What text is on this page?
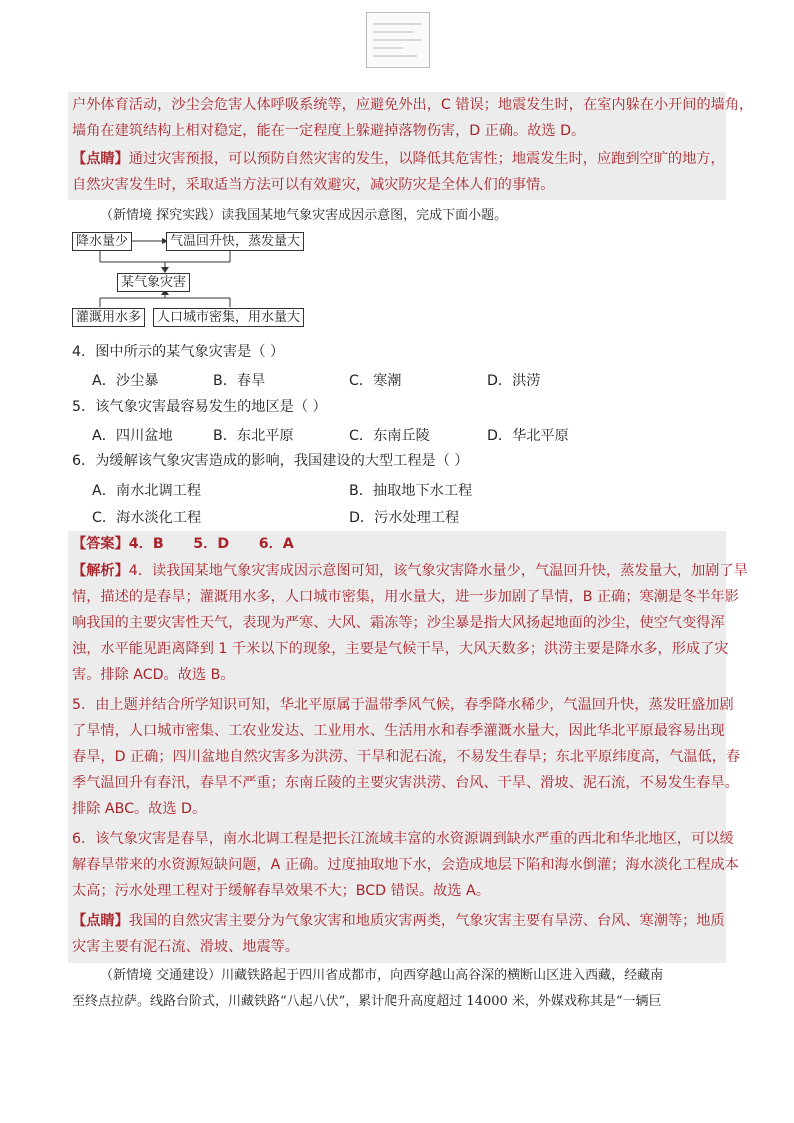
户外体育活动，沙尘会危害人体呼吸系统等，应避免外出，C 错误；地震发生时，在室内躲在小开间的墙角，
墙角在建筑结构上相对稳定，能在一定程度上躲避掉落物伤害，D 正确。故选 D。
【点睛】通过灾害预报，可以预防自然灾害的发生，以降低其危害性；地震发生时，应跑到空旷的地方，
自然灾害发生时，采取适当方法可以有效避灾，减灾防灾是全体人们的事情。
（新情境 探究实践）读我国某地气象灾害成因示意图，完成下面小题。
降水量少	气温回升快，蒸发量大
某气象灾害
灌溉用水多	人口城市密集，用水量大
4．图中所示的某气象灾害是（ ）
A．沙尘暴	B．春旱	C．寒潮	D．洪涝
5．该气象灾害最容易发生的地区是（ ）
A．四川盆地	B．东北平原	C．东南丘陵	D．华北平原
6．为缓解该气象灾害造成的影响，我国建设的大型工程是（ ）
A．南水北调工程	B．抽取地下水工程
C．海水淡化工程	D．污水处理工程
【答案】4．B      5．D      6．A
【解析】4．读我国某地气象灾害成因示意图可知，该气象灾害降水量少，气温回升快，蒸发量大，加剧了旱
情，描述的是春旱；灌溉用水多，人口城市密集，用水量大，进一步加剧了旱情，B 正确；寒潮是冬半年影
响我国的主要灾害性天气，表现为严寒、大风、霜冻等；沙尘暴是指大风扬起地面的沙尘，使空气变得浑
浊，水平能见距离降到 1 千米以下的现象，主要是气候干旱，大风天数多；洪涝主要是降水多，形成了灾
害。排除 ACD。故选 B。
5．由上题并结合所学知识可知，华北平原属于温带季风气候，春季降水稀少，气温回升快，蒸发旺盛加剧
了旱情，人口城市密集、工农业发达、工业用水、生活用水和春季灌溉水量大，因此华北平原最容易出现
春旱，D 正确；四川盆地自然灾害多为洪涝、干旱和泥石流，不易发生春旱；东北平原纬度高，气温低，春
季气温回升有春汛，春旱不严重；东南丘陵的主要灾害洪涝、台风、干旱、滑坡、泥石流，不易发生春旱。
排除 ABC。故选 D。
6．该气象灾害是春旱，南水北调工程是把长江流域丰富的水资源调到缺水严重的西北和华北地区，可以缓
解春旱带来的水资源短缺问题，A 正确。过度抽取地下水，会造成地层下陷和海水倒灌；海水淡化工程成本
太高；污水处理工程对于缓解春旱效果不大；BCD 错误。故选 A。
【点睛】我国的自然灾害主要分为气象灾害和地质灾害两类，气象灾害主要有旱涝、台风、寒潮等；地质
灾害主要有泥石流、滑坡、地震等。
（新情境 交通建设）川藏铁路起于四川省成都市，向西穿越山高谷深的横断山区进入西藏，经藏南
至终点拉萨。线路台阶式，川藏铁路“八起八伏”，累计爬升高度超过 14000 米，外媒戏称其是“一辆巨
